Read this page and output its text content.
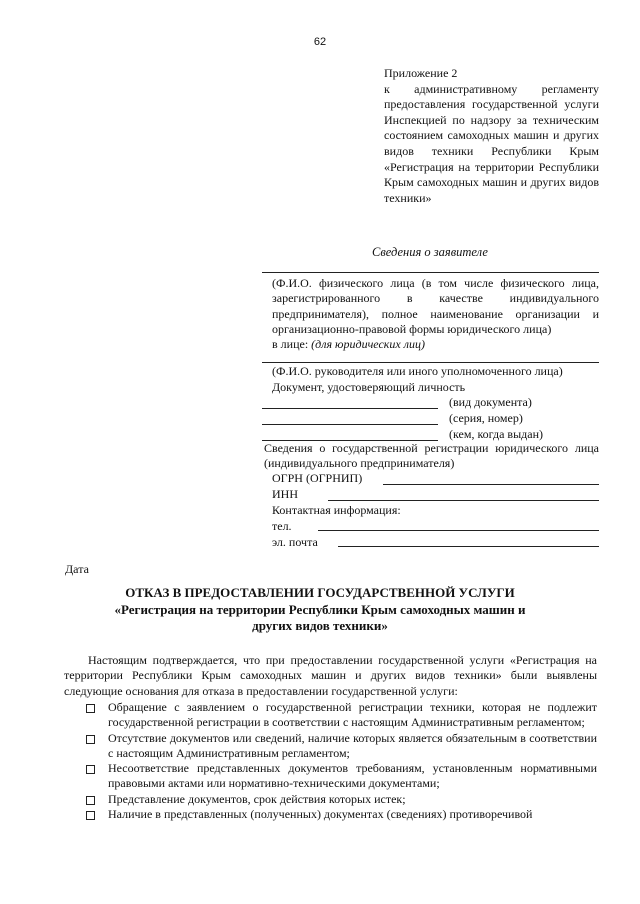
62
Приложение 2
к административному регламенту предоставления государственной услуги Инспекцией по надзору за техническим состоянием самоходных машин и других видов техники Республики Крым «Регистрация на территории Республики Крым самоходных машин и других видов техники»
Сведения о заявителе
(Ф.И.О. физического лица (в том числе физического лица, зарегистрированного в качестве индивидуального предпринимателя), полное наименование организации и организационно-правовой формы юридического лица)
в лице: (для юридических лиц)
(Ф.И.О. руководителя или иного уполномоченного лица)
Документ, удостоверяющий личность
(вид документа)
(серия, номер)
(кем, когда выдан)
Сведения о государственной регистрации юридического лица (индивидуального предпринимателя)
ОГРН (ОГРНИП)
ИНН
Контактная информация:
тел.
эл. почта
Дата
ОТКАЗ В ПРЕДОСТАВЛЕНИИ ГОСУДАРСТВЕННОЙ УСЛУГИ
«Регистрация на территории Республики Крым самоходных машин и
других видов техники»
Настоящим подтверждается, что при предоставлении государственной услуги «Регистрация на территории Республики Крым самоходных машин и других видов техники» были выявлены следующие основания для отказа в предоставлении государственной услуги:
Обращение с заявлением о государственной регистрации техники, которая не подлежит государственной регистрации в соответствии с настоящим Административным регламентом;
Отсутствие документов или сведений, наличие которых является обязательным в соответствии с настоящим Административным регламентом;
Несоответствие представленных документов требованиям, установленным нормативными правовыми актами или нормативно-техническими документами;
Представление документов, срок действия которых истек;
Наличие в представленных (полученных) документах (сведениях) противоречивой
